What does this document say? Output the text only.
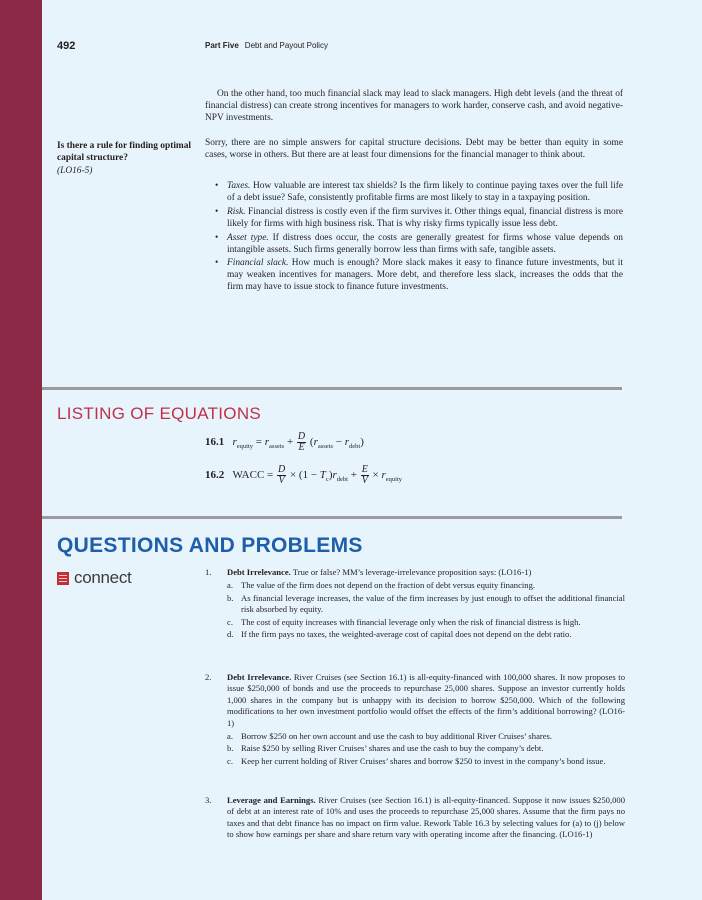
492	Part Five Debt and Payout Policy

On the other hand, too much financial slack may lead to slack managers. High debt levels (and the threat of financial distress) can create strong incentives for managers to work harder, conserve cash, and avoid negative-NPV investments.

Is there a rule for finding optimal capital structure?
(LO16-5)

Sorry, there are no simple answers for capital structure decisions. Debt may be better than equity in some cases, worse in others. But there are at least four dimensions for the financial manager to think about.

• Taxes. How valuable are interest tax shields? Is the firm likely to continue paying taxes over the full life of a debt issue? Safe, consistently profitable firms are most likely to stay in a taxpaying position.
• Risk. Financial distress is costly even if the firm survives it. Other things equal, financial distress is more likely for firms with high business risk. That is why risky firms typically issue less debt.
• Asset type. If distress does occur, the costs are generally greatest for firms whose value depends on intangible assets. Such firms generally borrow less than firms with safe, tangible assets.
• Financial slack. How much is enough? More slack makes it easy to finance future investments, but it may weaken incentives for managers. More debt, and therefore less slack, increases the odds that the firm may have to issue stock to finance future investments.
LISTING OF EQUATIONS
16.1 $r_{equity} = r_{assets} + \frac{D}{E} (r_{assets} - r_{debt})$
16.2   WACC = $\frac{D}{V} \times (1 - T_c)r_{debt} + \frac{E}{V} \times r_{equity}$
QUESTIONS AND PROBLEMS
connect	1. Debt Irrelevance. True or false? MM’s leverage-irrelevance proposition says: (LO16-1)
a. The value of the firm does not depend on the fraction of debt versus equity financing.
b. As financial leverage increases, the value of the firm increases by just enough to offset the additional financial risk absorbed by equity.
c. The cost of equity increases with financial leverage only when the risk of financial distress is high.
d. If the firm pays no taxes, the weighted-average cost of capital does not depend on the debt ratio.
2. Debt Irrelevance. River Cruises (see Section 16.1) is all-equity-financed with 100,000 shares. It now proposes to issue $250,000 of bonds and use the proceeds to repurchase 25,000 shares. Suppose an investor currently holds 1,000 shares in the company but is unhappy with its decision to borrow $250,000. Which of the following modifications to her own investment portfolio would offset the effects of the firm’s additional borrowing? (LO16-1)
a. Borrow $250 on her own account and use the cash to buy additional River Cruises’ shares.
b. Raise $250 by selling River Cruises’ shares and use the cash to buy the company’s debt.
c. Keep her current holding of River Cruises’ shares and borrow $250 to invest in the company’s bond issue.
3. Leverage and Earnings. River Cruises (see Section 16.1) is all-equity-financed. Suppose it now issues $250,000 of debt at an interest rate of 10% and uses the proceeds to repurchase 25,000 shares. Assume that the firm pays no taxes and that debt finance has no impact on firm value. Rework Table 16.3 by selecting values for (a) to (j) below to show how earnings per share and share return vary with operating income after the financing. (LO16-1)
